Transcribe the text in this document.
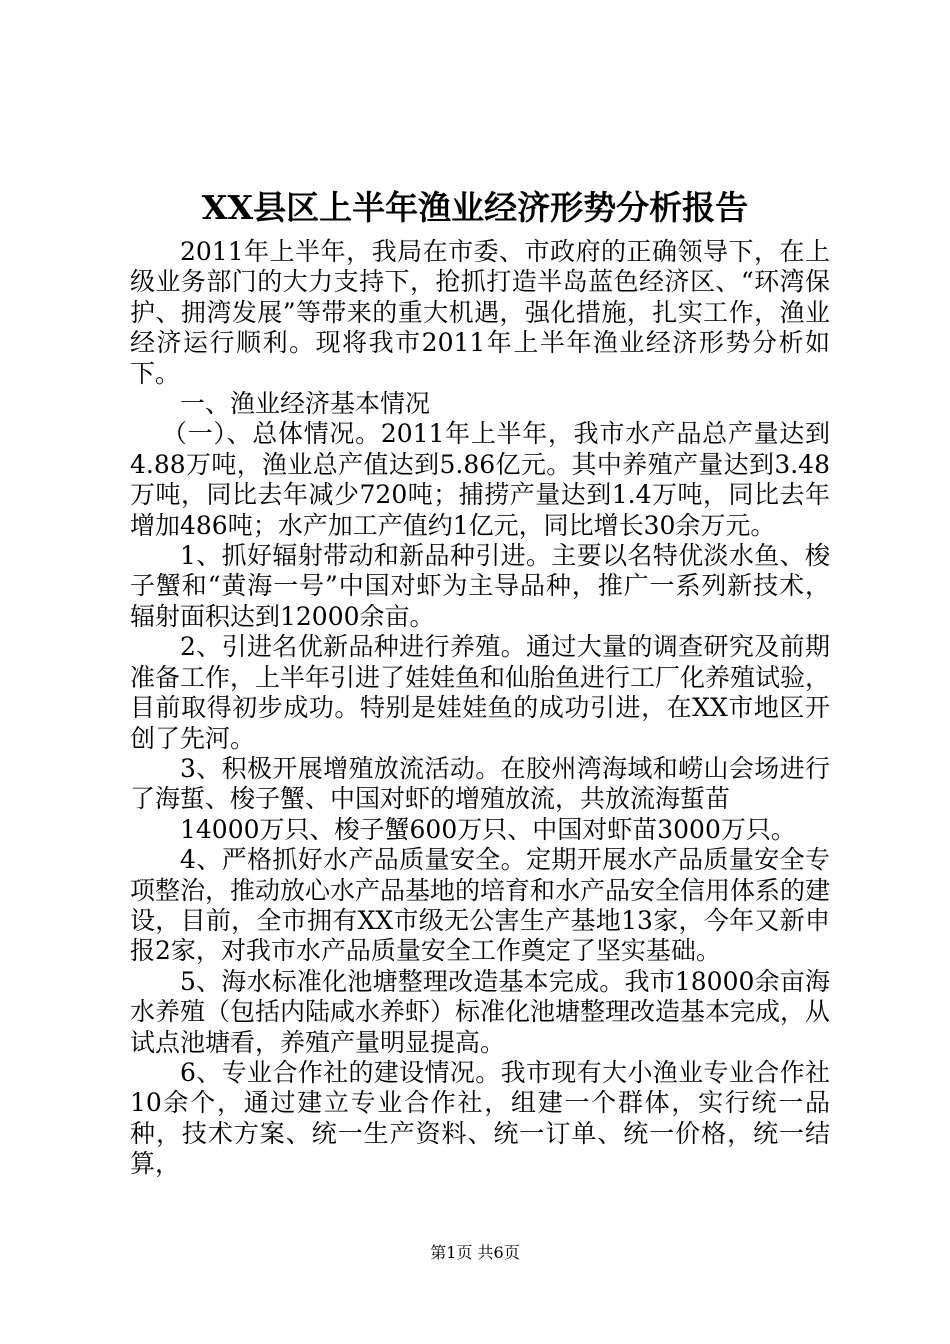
XX县区上半年渔业经济形势分析报告

2011年上半年，我局在市委、市政府的正确领导下，在上级业务部门的大力支持下，抢抓打造半岛蓝色经济区、“环湾保护、拥湾发展”等带来的重大机遇，强化措施，扎实工作，渔业经济运行顺利。现将我市2011年上半年渔业经济形势分析如下。

一、渔业经济基本情况

（一）、总体情况。2011年上半年，我市水产品总产量达到4.88万吨，渔业总产值达到5.86亿元。其中养殖产量达到3.48万吨，同比去年减少720吨；捕捞产量达到1.4万吨，同比去年增加486吨；水产加工产值约1亿元，同比增长30余万元。

1、抓好辐射带动和新品种引进。主要以名特优淡水鱼、梭子蟹和“黄海一号”中国对虾为主导品种，推广一系列新技术，辐射面积达到12000余亩。

2、引进名优新品种进行养殖。通过大量的调查研究及前期准备工作，上半年引进了娃娃鱼和仙胎鱼进行工厂化养殖试验，目前取得初步成功。特别是娃娃鱼的成功引进，在XX市地区开创了先河。

3、积极开展增殖放流活动。在胶州湾海域和崂山会场进行了海蜇、梭子蟹、中国对虾的增殖放流，共放流海蜇苗

14000万只、梭子蟹600万只、中国对虾苗3000万只。

4、严格抓好水产品质量安全。定期开展水产品质量安全专项整治，推动放心水产品基地的培育和水产品安全信用体系的建设，目前，全市拥有XX市级无公害生产基地13家，今年又新申报2家，对我市水产品质量安全工作奠定了坚实基础。

5、海水标准化池塘整理改造基本完成。我市18000余亩海水养殖（包括内陆咸水养虾）标准化池塘整理改造基本完成，从试点池塘看，养殖产量明显提高。

6、专业合作社的建设情况。我市现有大小渔业专业合作社10余个，通过建立专业合作社，组建一个群体，实行统一品种，技术方案、统一生产资料、统一订单、统一价格，统一结算，

第1页 共6页
